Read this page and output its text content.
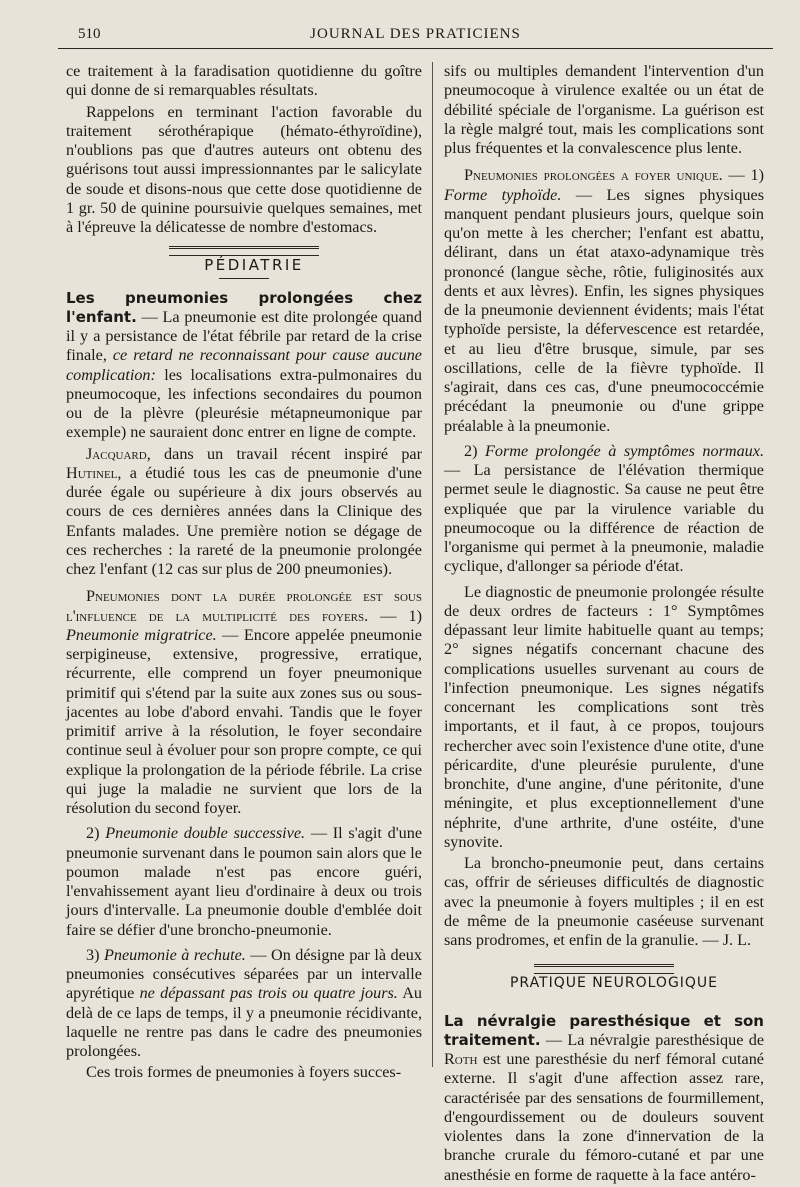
510	JOURNAL DES PRATICIENS

ce traitement à la faradisation quotidienne du goître qui donne de si remarquables résultats.

Rappelons en terminant l'action favorable du traitement sérothérapique (hémato-éthyroïdine), n'oublions pas que d'autres auteurs ont obtenu des guérisons tout aussi impressionnantes par le salicylate de soude et disons-nous que cette dose quotidienne de 1 gr. 50 de quinine poursuivie quelques semaines, met à l'épreuve la délicatesse de nombre d'estomacs.

PÉDIATRIE

Les pneumonies prolongées chez l'enfant. — La pneumonie est dite prolongée quand il y a persistance de l'état fébrile par retard de la crise finale, ce retard ne reconnaissant pour cause aucune complication: les localisations extra-pulmonaires du pneumocoque, les infections secondaires du poumon ou de la plèvre (pleurésie métapneumonique par exemple) ne sauraient donc entrer en ligne de compte.

Jacquard, dans un travail récent inspiré par Hutinel, a étudié tous les cas de pneumonie d'une durée égale ou supérieure à dix jours observés au cours de ces dernières années dans la Clinique des Enfants malades. Une première notion se dégage de ces recherches : la rareté de la pneumonie prolongée chez l'enfant (12 cas sur plus de 200 pneumonies).

Pneumonies dont la durée prolongée est sous l'influence de la multiplicité des foyers. — 1) Pneumonie migratrice. — Encore appelée pneumonie serpigineuse, extensive, progressive, erratique, récurrente, elle comprend un foyer pneumonique primitif qui s'étend par la suite aux zones sus ou sous-jacentes au lobe d'abord envahi. Tandis que le foyer primitif arrive à la résolution, le foyer secondaire continue seul à évoluer pour son propre compte, ce qui explique la prolongation de la période fébrile. La crise qui juge la maladie ne survient que lors de la résolution du second foyer.

2) Pneumonie double successive. — Il s'agit d'une pneumonie survenant dans le poumon sain alors que le poumon malade n'est pas encore guéri, l'envahissement ayant lieu d'ordinaire à deux ou trois jours d'intervalle. La pneumonie double d'emblée doit faire se défier d'une broncho-pneumonie.

3) Pneumonie à rechute. — On désigne par là deux pneumonies consécutives séparées par un intervalle apyrétique ne dépassant pas trois ou quatre jours. Au delà de ce laps de temps, il y a pneumonie récidivante, laquelle ne rentre pas dans le cadre des pneumonies prolongées.

Ces trois formes de pneumonies à foyers succes-

sifs ou multiples demandent l'intervention d'un pneumocoque à virulence exaltée ou un état de débilité spéciale de l'organisme. La guérison est la règle malgré tout, mais les complications sont plus fréquentes et la convalescence plus lente.

Pneumonies prolongées a foyer unique. — 1) Forme typhoïde. — Les signes physiques manquent pendant plusieurs jours, quelque soin qu'on mette à les chercher; l'enfant est abattu, délirant, dans un état ataxo-adynamique très prononcé (langue sèche, rôtie, fuliginosités aux dents et aux lèvres). Enfin, les signes physiques de la pneumonie deviennent évidents; mais l'état typhoïde persiste, la défervescence est retardée, et au lieu d'être brusque, simule, par ses oscillations, celle de la fièvre typhoïde. Il s'agirait, dans ces cas, d'une pneumococcémie précédant la pneumonie ou d'une grippe préalable à la pneumonie.

2) Forme prolongée à symptômes normaux. — La persistance de l'élévation thermique permet seule le diagnostic. Sa cause ne peut être expliquée que par la virulence variable du pneumocoque ou la différence de réaction de l'organisme qui permet à la pneumonie, maladie cyclique, d'allonger sa période d'état.

Le diagnostic de pneumonie prolongée résulte de deux ordres de facteurs : 1° Symptômes dépassant leur limite habituelle quant au temps; 2° signes négatifs concernant chacune des complications usuelles survenant au cours de l'infection pneumonique. Les signes négatifs concernant les complications sont très importants, et il faut, à ce propos, toujours rechercher avec soin l'existence d'une otite, d'une péricardite, d'une pleurésie purulente, d'une bronchite, d'une angine, d'une péritonite, d'une méningite, et plus exceptionnellement d'une néphrite, d'une arthrite, d'une ostéite, d'une synovite.

La broncho-pneumonie peut, dans certains cas, offrir de sérieuses difficultés de diagnostic avec la pneumonie à foyers multiples ; il en est de même de la pneumonie caséeuse survenant sans prodromes, et enfin de la granulie. — J. L.

PRATIQUE NEUROLOGIQUE

La névralgie paresthésique et son traitement. — La névralgie paresthésique de Roth est une paresthésie du nerf fémoral cutané externe. Il s'agit d'une affection assez rare, caractérisée par des sensations de fourmillement, d'engourdissement ou de douleurs souvent violentes dans la zone d'innervation de la branche crurale du fémoro-cutané et par une anesthésie en forme de raquette à la face antéro-
